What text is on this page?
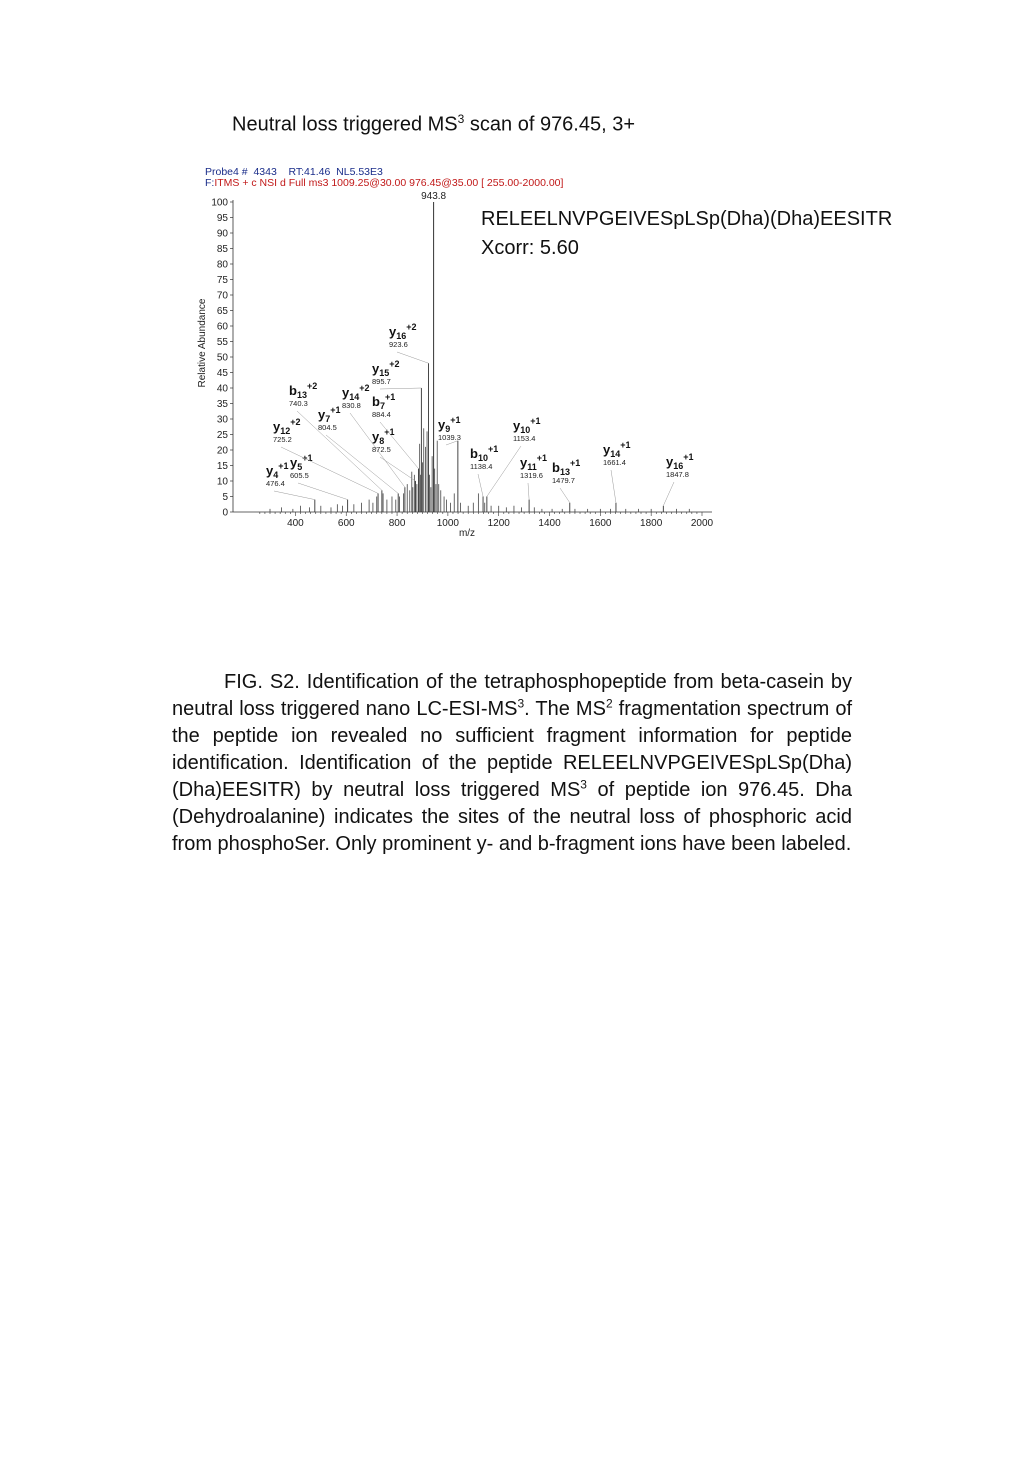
Neutral loss triggered $MS^3$ scan of 976.45, 3+
Probe4 #  4343    RT:41.46  NL5.53E3
F:ITMS + c NSI d Full ms3 1009.25@30.00 976.45@35.00 [ 255.00-2000.00]
0
5
10
15
20
25
30
35
40
45
50
55
60
65
70
75
80
85
90
95
100
400	600	800	1000	1200	1400	1600	1800	2000
m/z
Relative Abundance
943.8
$y_4^{+1}$
476.4
$y_5^{+1}$
605.5
$y_{12}^{+2}$
725.2
$b_{13}^{+2}$
740.3
$y_7^{+1}$
804.5
$y_{14}^{+2}$
830.8
$y_8^{+1}$
872.5
$b_7^{+1}$
884.4
$y_{15}^{+2}$
895.7
$y_{16}^{+2}$
923.6
$y_9^{+1}$
1039.3
$b_{10}^{+1}$
1138.4
$y_{10}^{+1}$
1153.4
$y_{11}^{+1}$
1319.6
$b_{13}^{+1}$
1479.7
$y_{14}^{+1}$
1661.4	$y_{16}^{+1}$
1847.8
RELEELNVPGEIVESpLSp(Dha)(Dha)EESITR
Xcorr: 5.60
FIG. S2. Identification of the tetraphosphopeptide from beta-casein by neutral loss triggered nano $LC-ESI-MS^3$. The $MS^2$ fragmentation spectrum of the peptide ion revealed no sufficient fragment information for peptide identification. Identification of the peptide RELEELNVPGEIVESpLSp(Dha)(Dha)EESITR) by neutral loss triggered $MS^3$ of peptide ion 976.45. Dha (Dehydroalanine) indicates the sites of the neutral loss of phosphoric acid from phosphoSer. Only prominent y- and b-fragment ions have been labeled.
